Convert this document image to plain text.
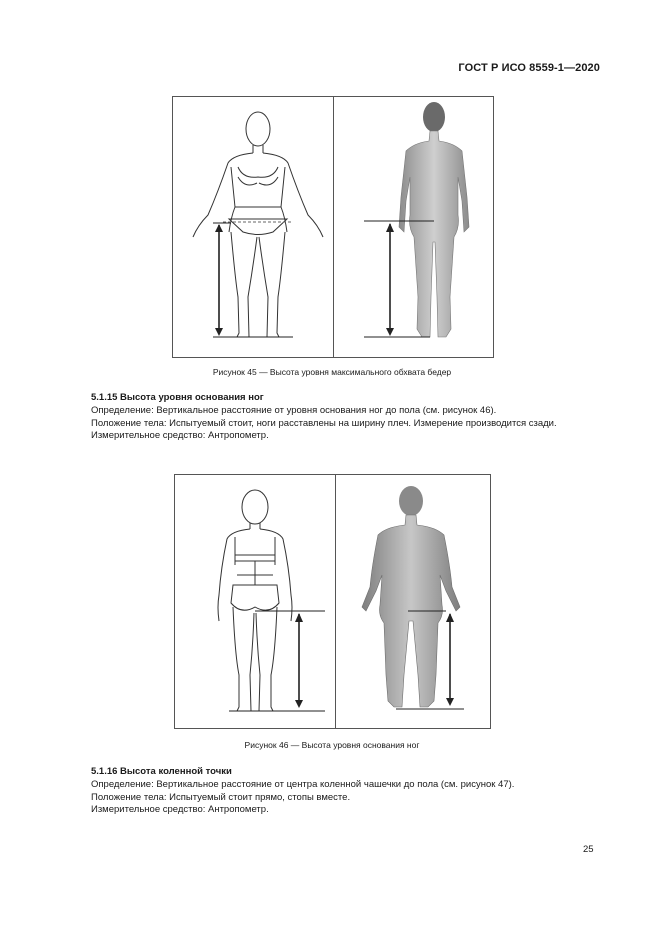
ГОСТ Р ИСО 8559-1—2020
Рисунок 45 — Высота уровня максимального обхвата бедер
5.1.15 Высота уровня основания ног
Определение: Вертикальное расстояние от уровня основания ног до пола (см. рисунок 46).
Положение тела: Испытуемый стоит, ноги расставлены на ширину плеч. Измерение производится сзади.
Измерительное средство: Антропометр.
Рисунок 46 — Высота уровня основания ног
5.1.16 Высота коленной точки
Определение: Вертикальное расстояние от центра коленной чашечки до пола (см. рисунок 47).
Положение тела: Испытуемый стоит прямо, стопы вместе.
Измерительное средство: Антропометр.
25
